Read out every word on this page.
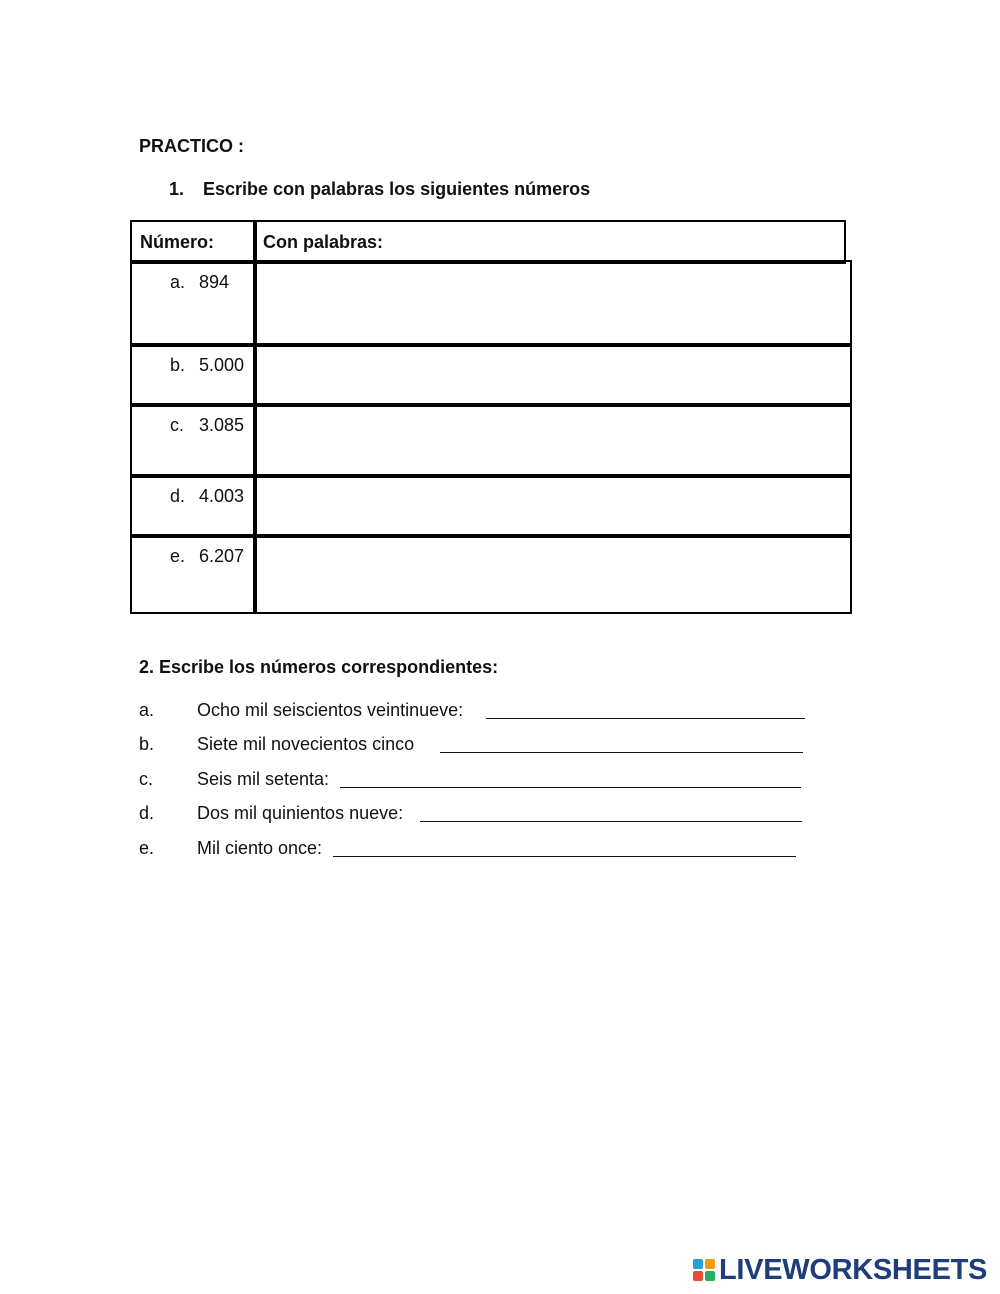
PRACTICO :
1. Escribe con palabras los siguientes números
Número:	Con palabras:
a. 894
b. 5.000
c. 3.085
d. 4.003
e. 6.207
2. Escribe los números correspondientes:
a. Ocho mil seiscientos veintinueve:
b. Siete mil novecientos cinco
c. Seis mil setenta:
d. Dos mil quinientos nueve:
e. Mil ciento once:
LIVEWORKSHEETS
